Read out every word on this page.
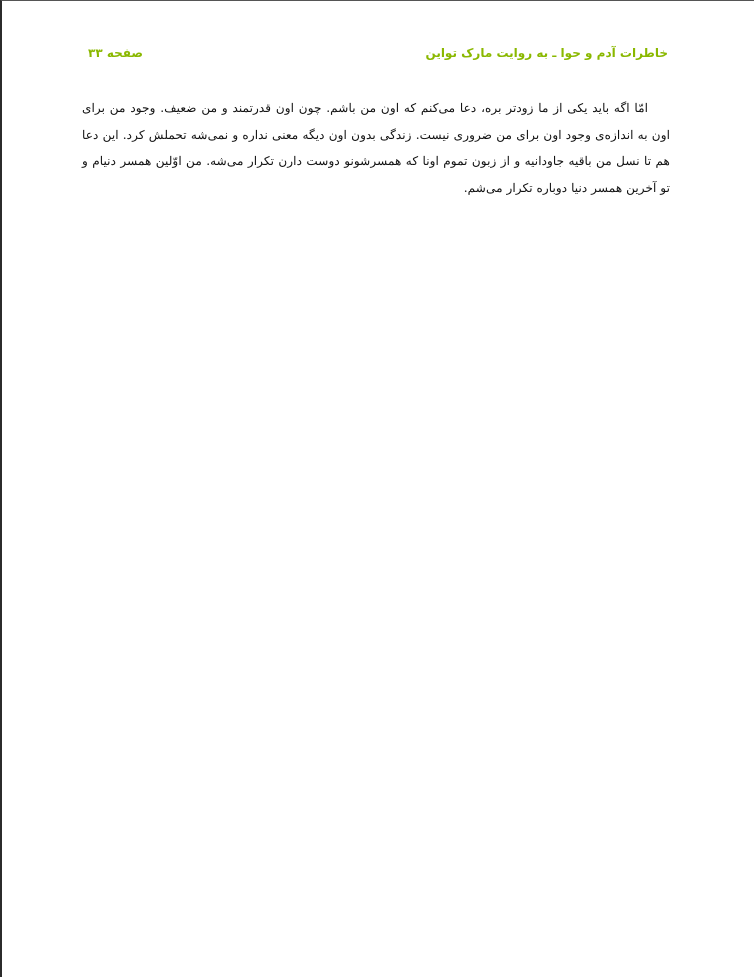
خاطرات آدم و حوا ـ به روایت مارک تواین
صفحه ۳۳

امّا اگه باید یکی از ما زودتر بره، دعا می‌کنم که اون من باشم. چون اون قدرتمند و من ضعیف. وجود من برای اون به اندازه‌ی وجود اون برای من ضروری نیست. زندگی بدون اون دیگه معنی نداره و نمی‌شه تحملش کرد. این دعا هم تا نسل من باقیه جاودانیه و از زبون تموم اونا که همسرشونو دوست دارن تکرار می‌شه. من اوّلین همسر دنیام و تو آخرین همسر دنیا دوباره تکرار می‌شم.
